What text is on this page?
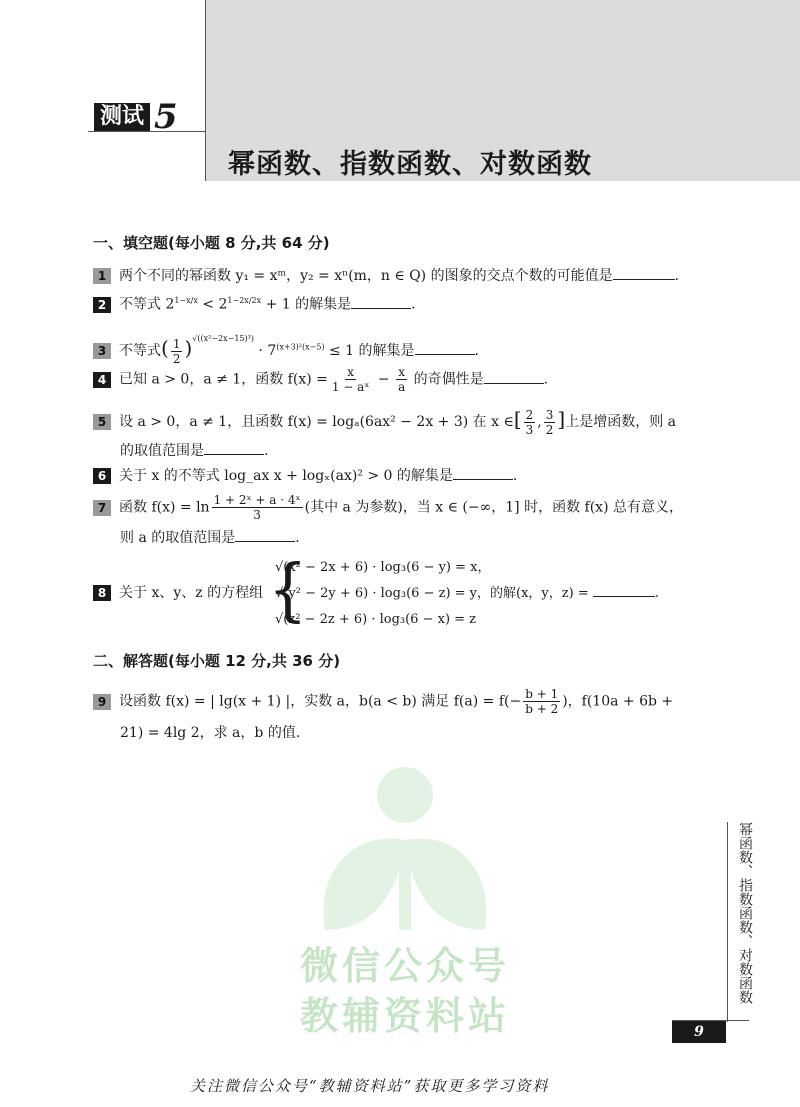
测试 5
幂函数、指数函数、对数函数
一、填空题(每小题 8 分,共 64 分)
1 两个不同的幂函数 y₁ = xᵐ，y₂ = xⁿ(m，n ∈ Q) 的图象的交点个数的可能值是	.
2 不等式 $2^{1-x/x} < 2^{1-2x/2x} + 1$ 的解集是	.
3 不等式( $\frac{1}{2} )^{√((x^2-2x-15)^3)} \cdot 7^{(x+3)^2(x-5)} \le 1$ 的解集是	.
4 已知 a > 0，a ≠ 1，函数 $f(x) = \frac{x}{\text{1 − aˣ}} - \frac{x}{a}$ 的奇偶性是	.
5 设 a > 0，a ≠ 1，且函数 f(x) = logₐ(6ax² − 2x + 3) 在 x ∈[ $\frac{2}{3}$ , $\frac{3}{2}$ ]上是增函数，则 a
的取值范围是	.
6 关于 x 的不等式 log_ax x + logₓ(ax)² > 0 的解集是	.
7 函数 $f(x) = \ln \frac{\text{1 + 2ˣ + a · 4ˣ}}{3}$ (其中 a 为参数)，当 x ∈ (−∞，1] 时，函数 f(x) 总有意义，
则 a 的取值范围是	.
8 关于 x、y、z 的方程组 {
√(x² − 2x + 6) · log₃(6 − y) = x，
√(y² − 2y + 6) · log₃(6 − z) = y，的解(x，y，z) =	.
√(z² − 2z + 6) · log₃(6 − x) = z
二、解答题(每小题 12 分,共 36 分)
9 设函数 f(x) = | lg(x + 1) |，实数 a，b(a < b) 满足 $f(a) = f(- \frac{b + 1}{b + 2}$ )，f(10a + 6b +
21) = 4lg 2，求 a，b 的值.
微信公众号
教辅资料站
幂函数、指数函数、对数函数
9
关注微信公众号“教辅资料站”获取更多学习资料
